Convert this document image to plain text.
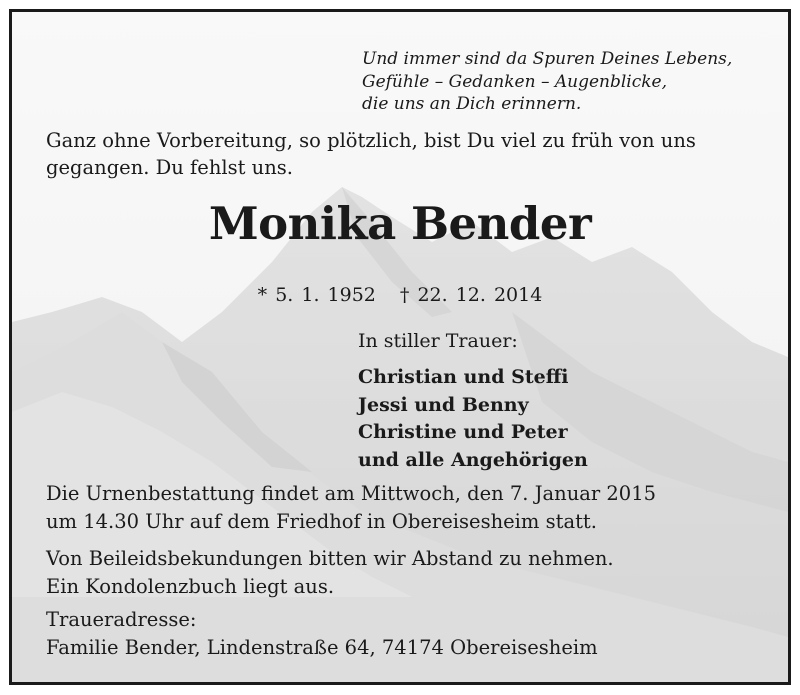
Und immer sind da Spuren Deines Lebens,
Gefühle – Gedanken – Augenblicke,
die uns an Dich erinnern.
Ganz ohne Vorbereitung, so plötzlich, bist Du viel zu früh von uns gegangen. Du fehlst uns.
Monika Bender
* 5. 1. 1952 † 22. 12. 2014
In stiller Trauer:
Christian und Steffi
Jessi und Benny
Christine und Peter
und alle Angehörigen
Die Urnenbestattung findet am Mittwoch, den 7. Januar 2015
um 14.30 Uhr auf dem Friedhof in Obereisesheim statt.
Von Beileidsbekundungen bitten wir Abstand zu nehmen.
Ein Kondolenzbuch liegt aus.
Traueradresse:
Familie Bender, Lindenstraße 64, 74174 Obereisesheim
